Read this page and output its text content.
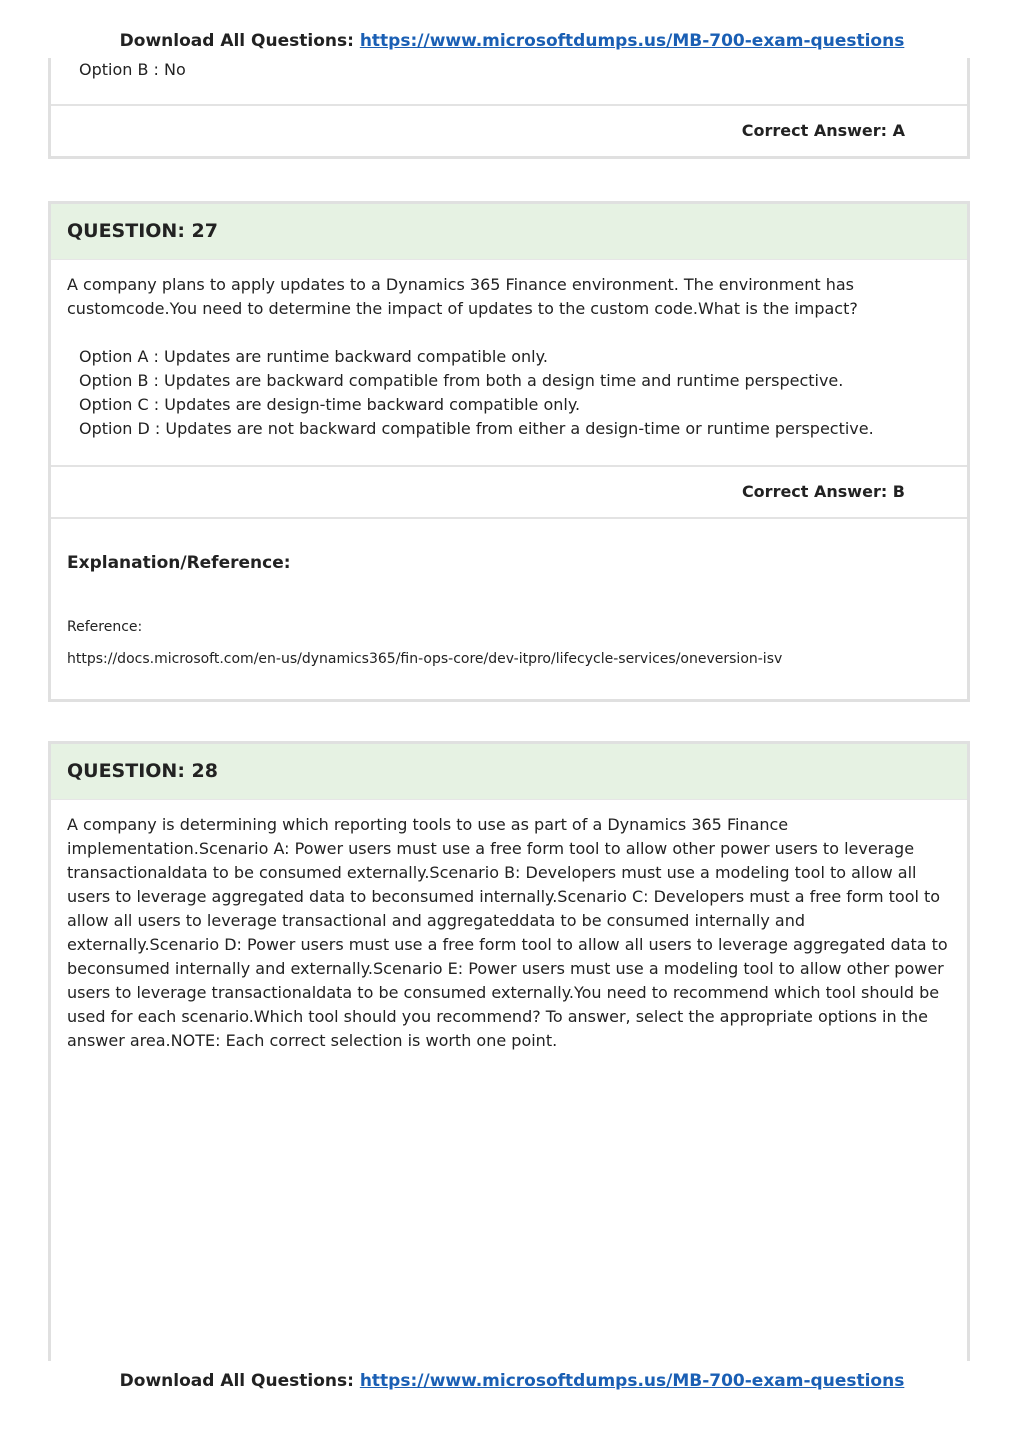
Download All Questions: https://www.microsoftdumps.us/MB-700-exam-questions
Option B : No
Correct Answer: A
QUESTION: 27
A company plans to apply updates to a Dynamics 365 Finance environment. The environment has customcode.You need to determine the impact of updates to the custom code.What is the impact?
Option A : Updates are runtime backward compatible only.
Option B : Updates are backward compatible from both a design time and runtime perspective.
Option C : Updates are design-time backward compatible only.
Option D : Updates are not backward compatible from either a design-time or runtime perspective.
Correct Answer: B
Explanation/Reference:
Reference:
https://docs.microsoft.com/en-us/dynamics365/fin-ops-core/dev-itpro/lifecycle-services/oneversion-isv
QUESTION: 28
A company is determining which reporting tools to use as part of a Dynamics 365 Finance implementation.Scenario A: Power users must use a free form tool to allow other power users to leverage transactionaldata to be consumed externally.Scenario B: Developers must use a modeling tool to allow all users to leverage aggregated data to beconsumed internally.Scenario C: Developers must a free form tool to allow all users to leverage transactional and aggregateddata to be consumed internally and externally.Scenario D: Power users must use a free form tool to allow all users to leverage aggregated data to beconsumed internally and externally.Scenario E: Power users must use a modeling tool to allow other power users to leverage transactionaldata to be consumed externally.You need to recommend which tool should be used for each scenario.Which tool should you recommend? To answer, select the appropriate options in the answer area.NOTE: Each correct selection is worth one point.
Download All Questions: https://www.microsoftdumps.us/MB-700-exam-questions
